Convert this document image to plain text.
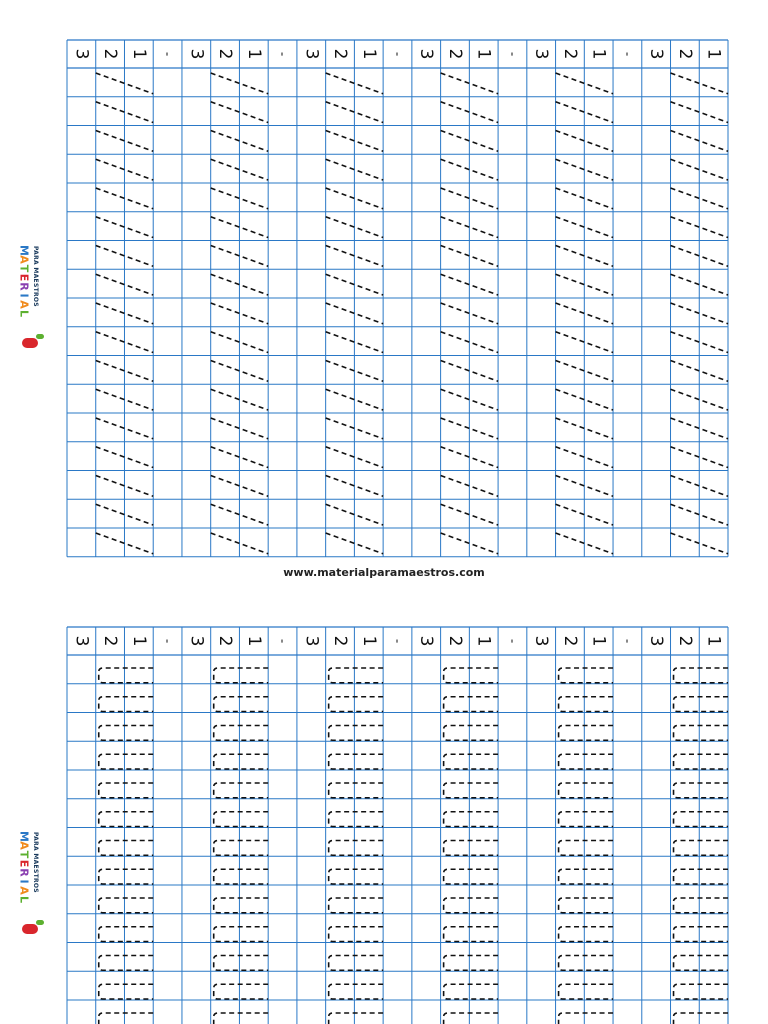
1
2
3
-
1
2
3
-
1
2
3
-
1
2
3
-
1
2
3
-
1
2
3
1
2
3
-
1
2
3
-
1
2
3
-
1
2
3
-
1
2
3
-
1
2
3
M
A
T
E
R
I
A
L
PARA MAESTROS
www.materialparamaestros.com
M
A
T
E
R
I
A
L
PARA MAESTROS
